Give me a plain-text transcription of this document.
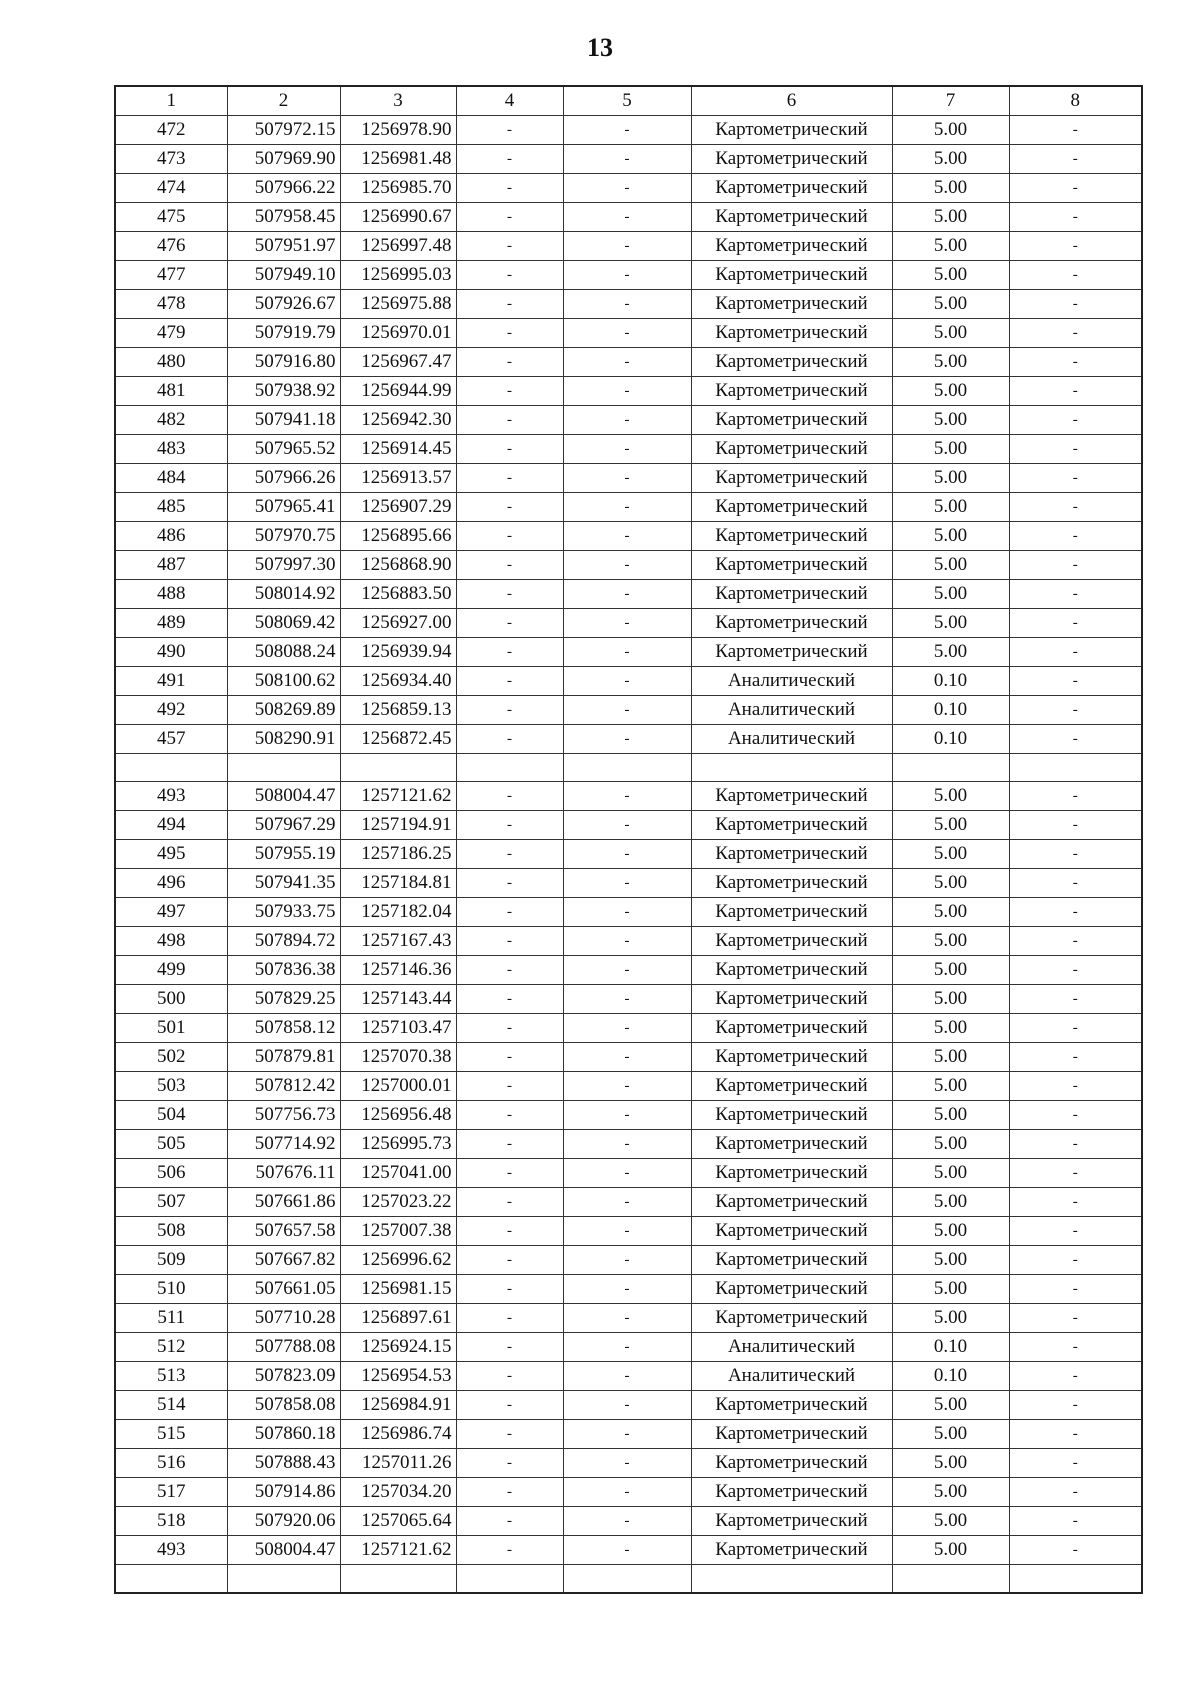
13
1	2	3	4	5	6	7	8
472	507972.15	1256978.90	-	-	Картометрический	5.00	-
473	507969.90	1256981.48	-	-	Картометрический	5.00	-
474	507966.22	1256985.70	-	-	Картометрический	5.00	-
475	507958.45	1256990.67	-	-	Картометрический	5.00	-
476	507951.97	1256997.48	-	-	Картометрический	5.00	-
477	507949.10	1256995.03	-	-	Картометрический	5.00	-
478	507926.67	1256975.88	-	-	Картометрический	5.00	-
479	507919.79	1256970.01	-	-	Картометрический	5.00	-
480	507916.80	1256967.47	-	-	Картометрический	5.00	-
481	507938.92	1256944.99	-	-	Картометрический	5.00	-
482	507941.18	1256942.30	-	-	Картометрический	5.00	-
483	507965.52	1256914.45	-	-	Картометрический	5.00	-
484	507966.26	1256913.57	-	-	Картометрический	5.00	-
485	507965.41	1256907.29	-	-	Картометрический	5.00	-
486	507970.75	1256895.66	-	-	Картометрический	5.00	-
487	507997.30	1256868.90	-	-	Картометрический	5.00	-
488	508014.92	1256883.50	-	-	Картометрический	5.00	-
489	508069.42	1256927.00	-	-	Картометрический	5.00	-
490	508088.24	1256939.94	-	-	Картометрический	5.00	-
491	508100.62	1256934.40	-	-	Аналитический	0.10	-
492	508269.89	1256859.13	-	-	Аналитический	0.10	-
457	508290.91	1256872.45	-	-	Аналитический	0.10	-

493	508004.47	1257121.62	-	-	Картометрический	5.00	-
494	507967.29	1257194.91	-	-	Картометрический	5.00	-
495	507955.19	1257186.25	-	-	Картометрический	5.00	-
496	507941.35	1257184.81	-	-	Картометрический	5.00	-
497	507933.75	1257182.04	-	-	Картометрический	5.00	-
498	507894.72	1257167.43	-	-	Картометрический	5.00	-
499	507836.38	1257146.36	-	-	Картометрический	5.00	-
500	507829.25	1257143.44	-	-	Картометрический	5.00	-
501	507858.12	1257103.47	-	-	Картометрический	5.00	-
502	507879.81	1257070.38	-	-	Картометрический	5.00	-
503	507812.42	1257000.01	-	-	Картометрический	5.00	-
504	507756.73	1256956.48	-	-	Картометрический	5.00	-
505	507714.92	1256995.73	-	-	Картометрический	5.00	-
506	507676.11	1257041.00	-	-	Картометрический	5.00	-
507	507661.86	1257023.22	-	-	Картометрический	5.00	-
508	507657.58	1257007.38	-	-	Картометрический	5.00	-
509	507667.82	1256996.62	-	-	Картометрический	5.00	-
510	507661.05	1256981.15	-	-	Картометрический	5.00	-
511	507710.28	1256897.61	-	-	Картометрический	5.00	-
512	507788.08	1256924.15	-	-	Аналитический	0.10	-
513	507823.09	1256954.53	-	-	Аналитический	0.10	-
514	507858.08	1256984.91	-	-	Картометрический	5.00	-
515	507860.18	1256986.74	-	-	Картометрический	5.00	-
516	507888.43	1257011.26	-	-	Картометрический	5.00	-
517	507914.86	1257034.20	-	-	Картометрический	5.00	-
518	507920.06	1257065.64	-	-	Картометрический	5.00	-
493	508004.47	1257121.62	-	-	Картометрический	5.00	-
